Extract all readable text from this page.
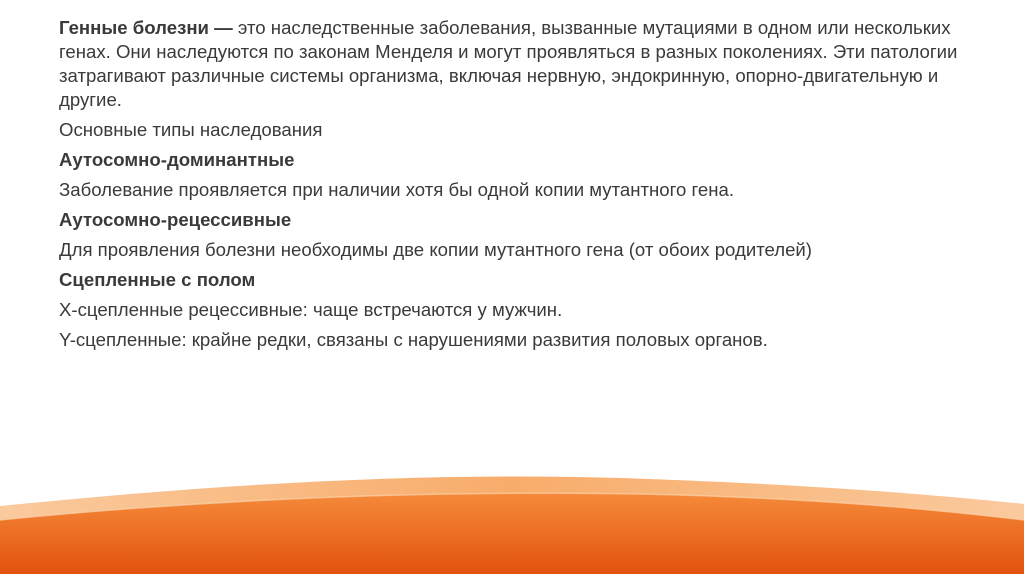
Генные болезни — это наследственные заболевания, вызванные мутациями в одном или нескольких генах. Они наследуются по законам Менделя и могут проявляться в разных поколениях. Эти патологии затрагивают различные системы организма, включая нервную, эндокринную, опорно-двигательную и другие.

Основные типы наследования

Аутосомно-доминантные

Заболевание проявляется при наличии хотя бы одной копии мутантного гена.

Аутосомно-рецессивные

Для проявления болезни необходимы две копии мутантного гена (от обоих родителей)

Сцепленные с полом

X-сцепленные рецессивные: чаще встречаются у мужчин.

Y-сцепленные: крайне редки, связаны с нарушениями развития половых органов.
